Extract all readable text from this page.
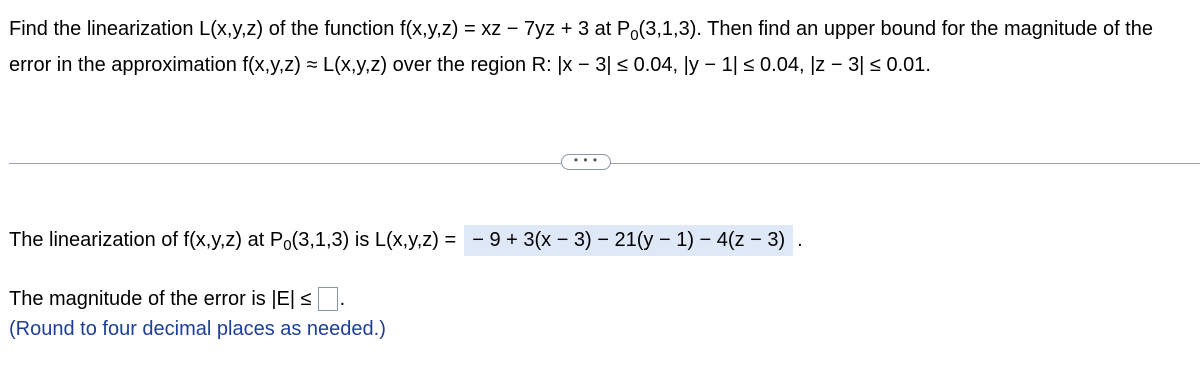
Find the linearization L(x,y,z) of the function f(x,y,z) = xz − 7yz + 3 at $P_0(3,1,3)$. Then find an upper bound for the magnitude of the error in the approximation f(x,y,z) ≈ L(x,y,z) over the region R: |x − 3| ≤ 0.04, |y − 1| ≤ 0.04, |z − 3| ≤ 0.01.
• • •
The linearization of f(x,y,z) at P 0 (3,1,3) is L(x,y,z) = − 9 + 3(x − 3) − 21(y − 1) − 4(z − 3) .
The magnitude of the error is |E| ≤ .
(Round to four decimal places as needed.)
